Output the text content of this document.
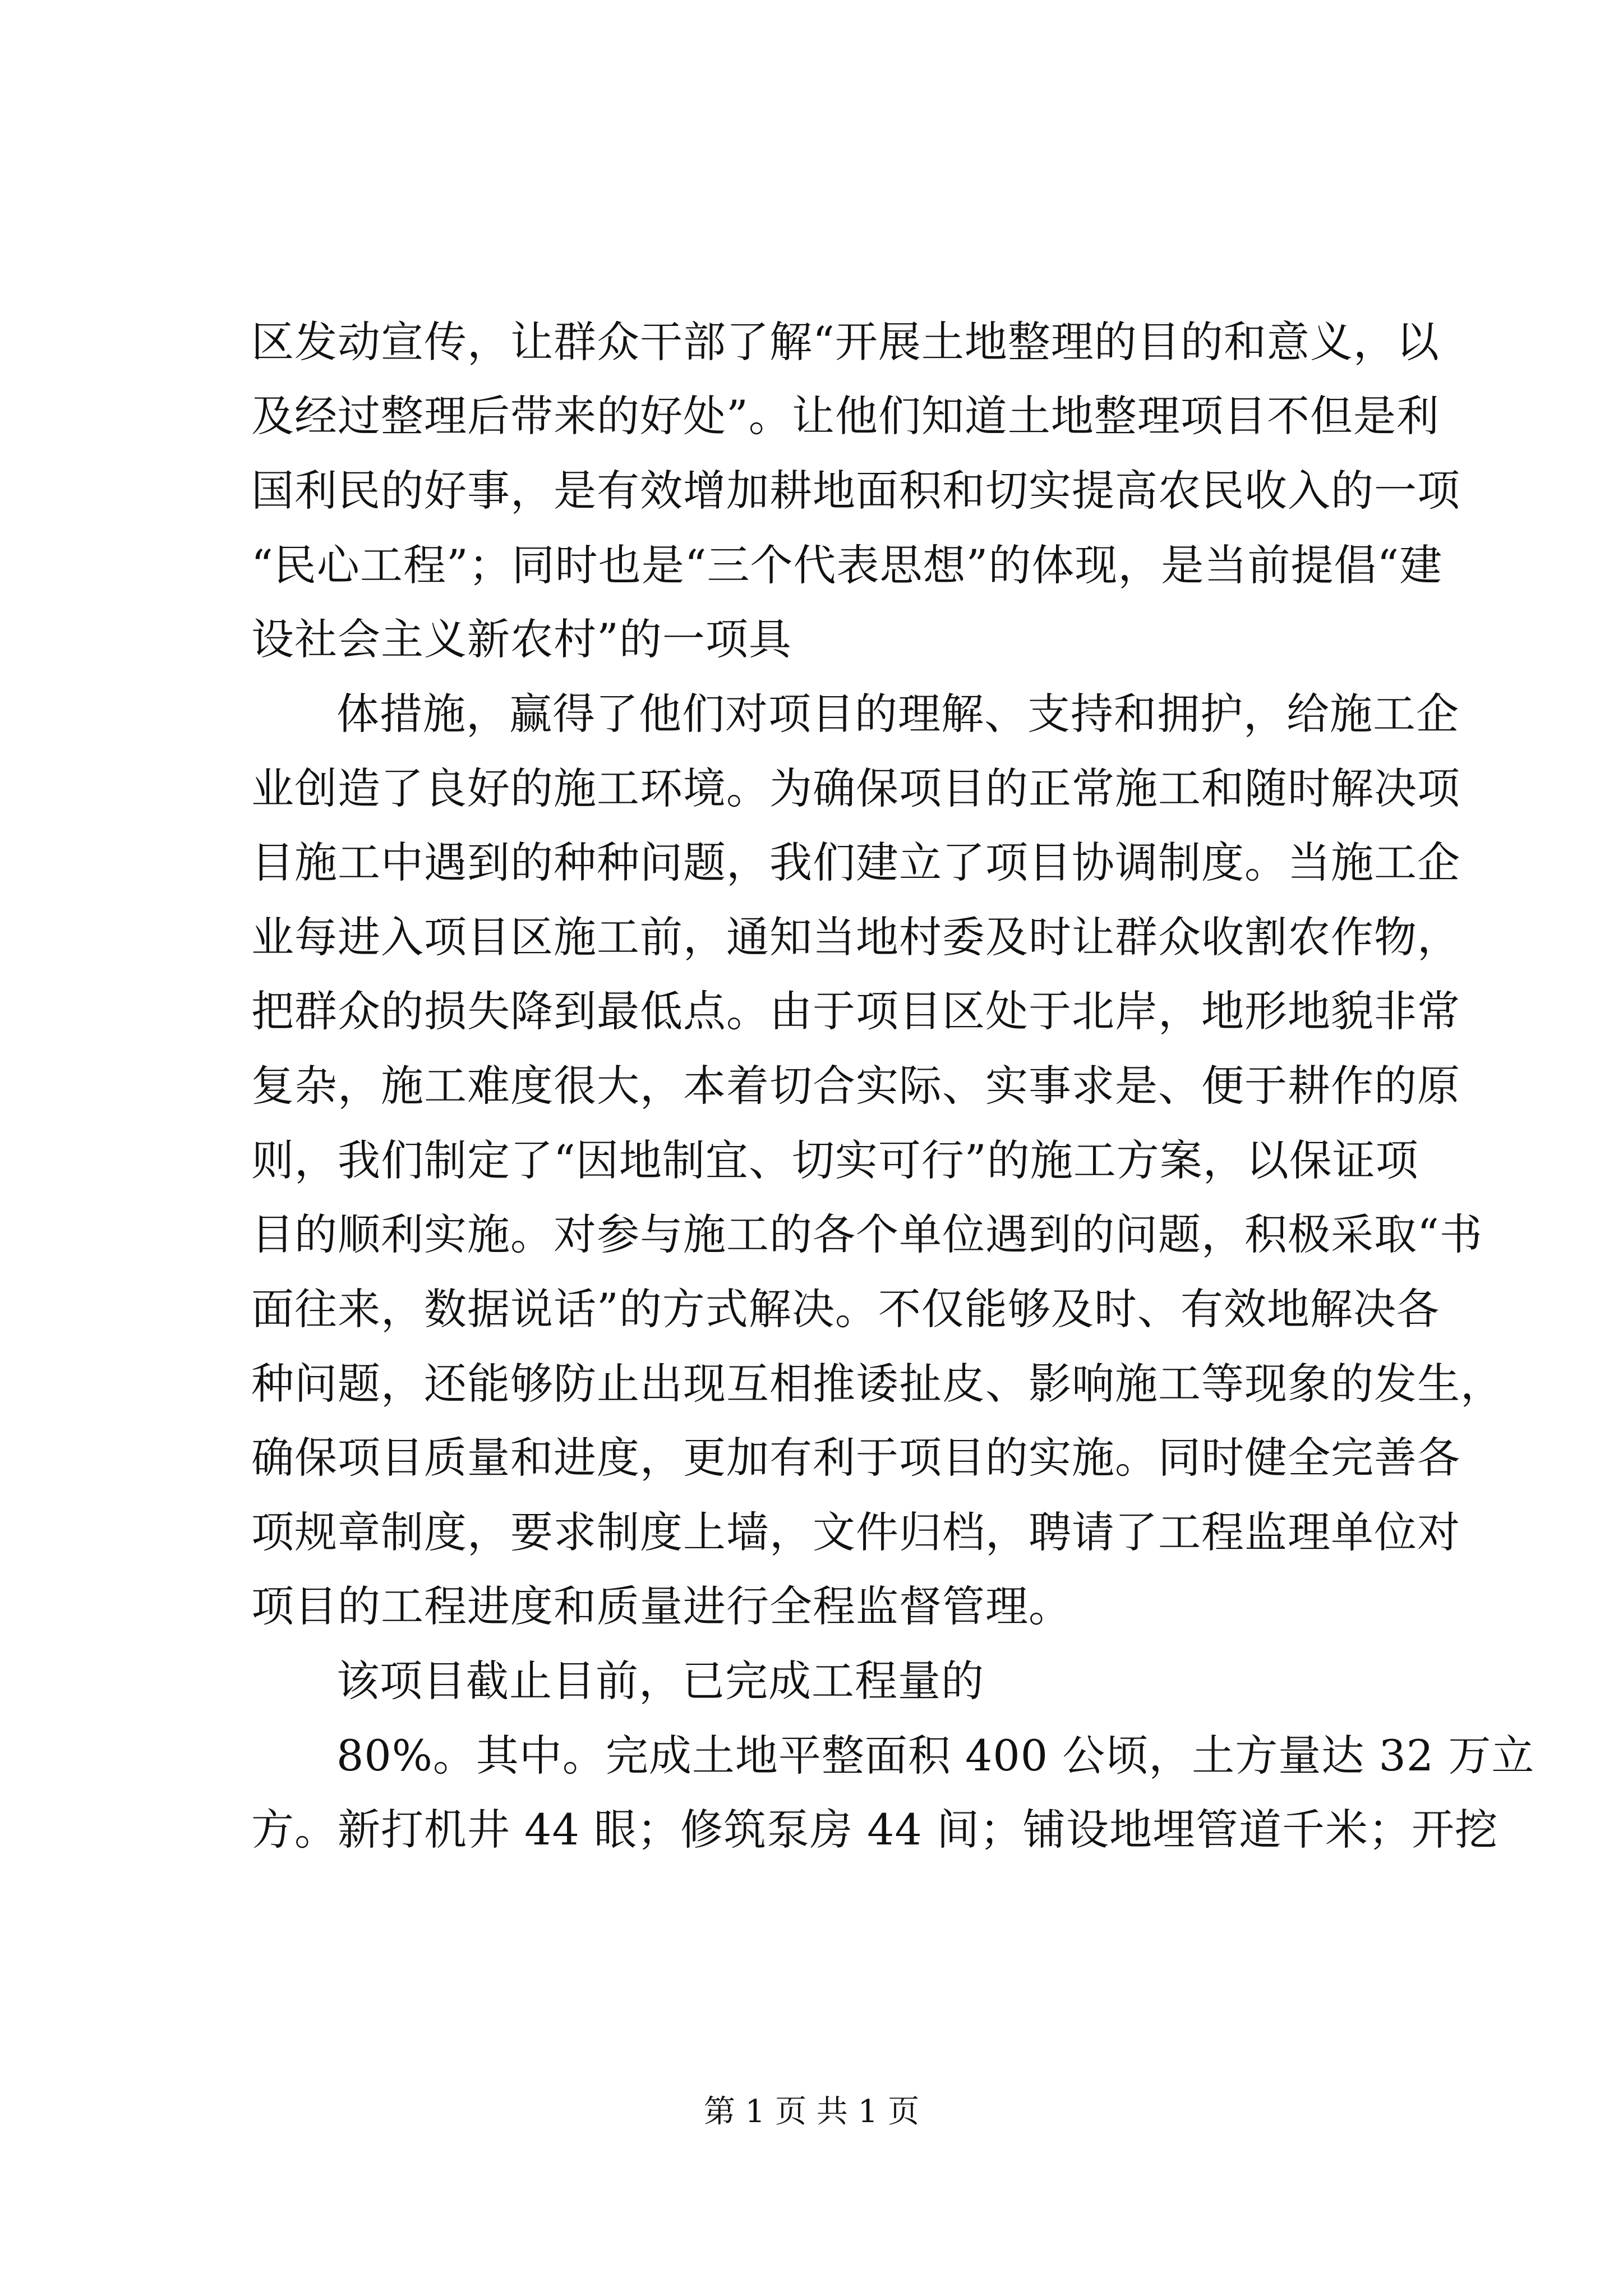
区发动宣传，让群众干部了解“开展土地整理的目的和意义，以
及经过整理后带来的好处”。让他们知道土地整理项目不但是利
国利民的好事，是有效增加耕地面积和切实提高农民收入的一项
“民心工程”；同时也是“三个代表思想”的体现，是当前提倡“建
设社会主义新农村”的一项具
体措施，赢得了他们对项目的理解、支持和拥护，给施工企
业创造了良好的施工环境。为确保项目的正常施工和随时解决项
目施工中遇到的种种问题，我们建立了项目协调制度。当施工企
业每进入项目区施工前，通知当地村委及时让群众收割农作物，
把群众的损失降到最低点。由于项目区处于北岸，地形地貌非常
复杂，施工难度很大，本着切合实际、实事求是、便于耕作的原
则，我们制定了“因地制宜、切实可行”的施工方案，以保证项
目的顺利实施。对参与施工的各个单位遇到的问题，积极采取“书
面往来，数据说话”的方式解决。不仅能够及时、有效地解决各
种问题，还能够防止出现互相推诿扯皮、影响施工等现象的发生，
确保项目质量和进度，更加有利于项目的实施。同时健全完善各
项规章制度，要求制度上墙，文件归档，聘请了工程监理单位对
项目的工程进度和质量进行全程监督管理。
该项目截止目前，已完成工程量的
80%。其中。完成土地平整面积 400 公顷，土方量达 32 万立
方。新打机井 44 眼；修筑泵房 44 间；铺设地埋管道千米；开挖
第 1 页 共 1 页
